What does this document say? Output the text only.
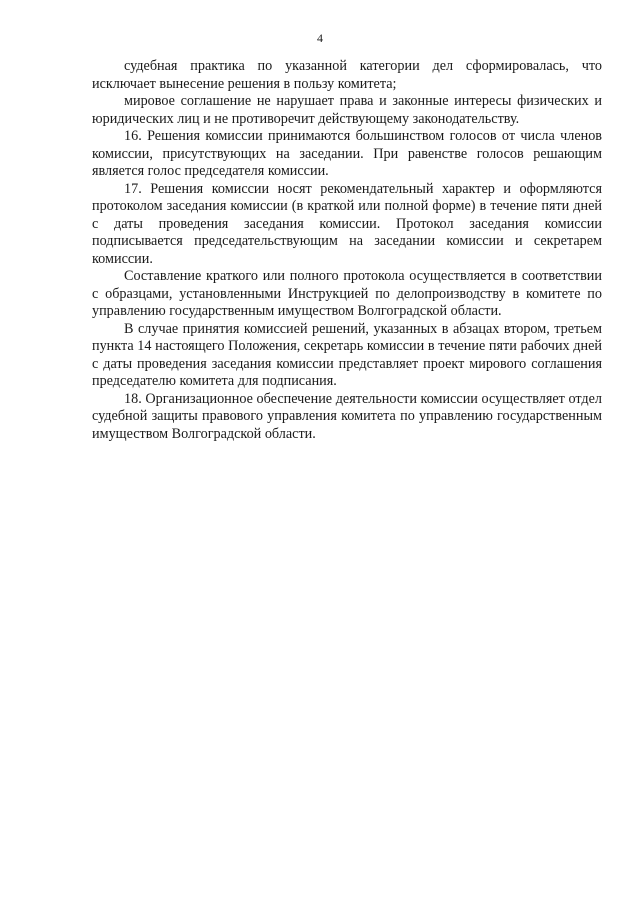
4

судебная практика по указанной категории дел сформировалась, что исключает вынесение решения в пользу комитета;

мировое соглашение не нарушает права и законные интересы физических и юридических лиц и не противоречит действующему законодательству.

16. Решения комиссии принимаются большинством голосов от числа членов комиссии, присутствующих на заседании. При равенстве голосов решающим является голос председателя комиссии.

17. Решения комиссии носят рекомендательный характер и оформляются протоколом заседания комиссии (в краткой или полной форме) в течение пяти дней с даты проведения заседания комиссии. Протокол заседания комиссии подписывается председательствующим на заседании комиссии и секретарем комиссии.

Составление краткого или полного протокола осуществляется в соответствии с образцами, установленными Инструкцией по делопроизводству в комитете по управлению государственным имуществом Волгоградской области.

В случае принятия комиссией решений, указанных в абзацах втором, третьем пункта 14 настоящего Положения, секретарь комиссии в течение пяти рабочих дней с даты проведения заседания комиссии представляет проект мирового соглашения председателю комитета для подписания.

18. Организационное обеспечение деятельности комиссии осуществляет отдел судебной защиты правового управления комитета по управлению государственным имуществом Волгоградской области.
